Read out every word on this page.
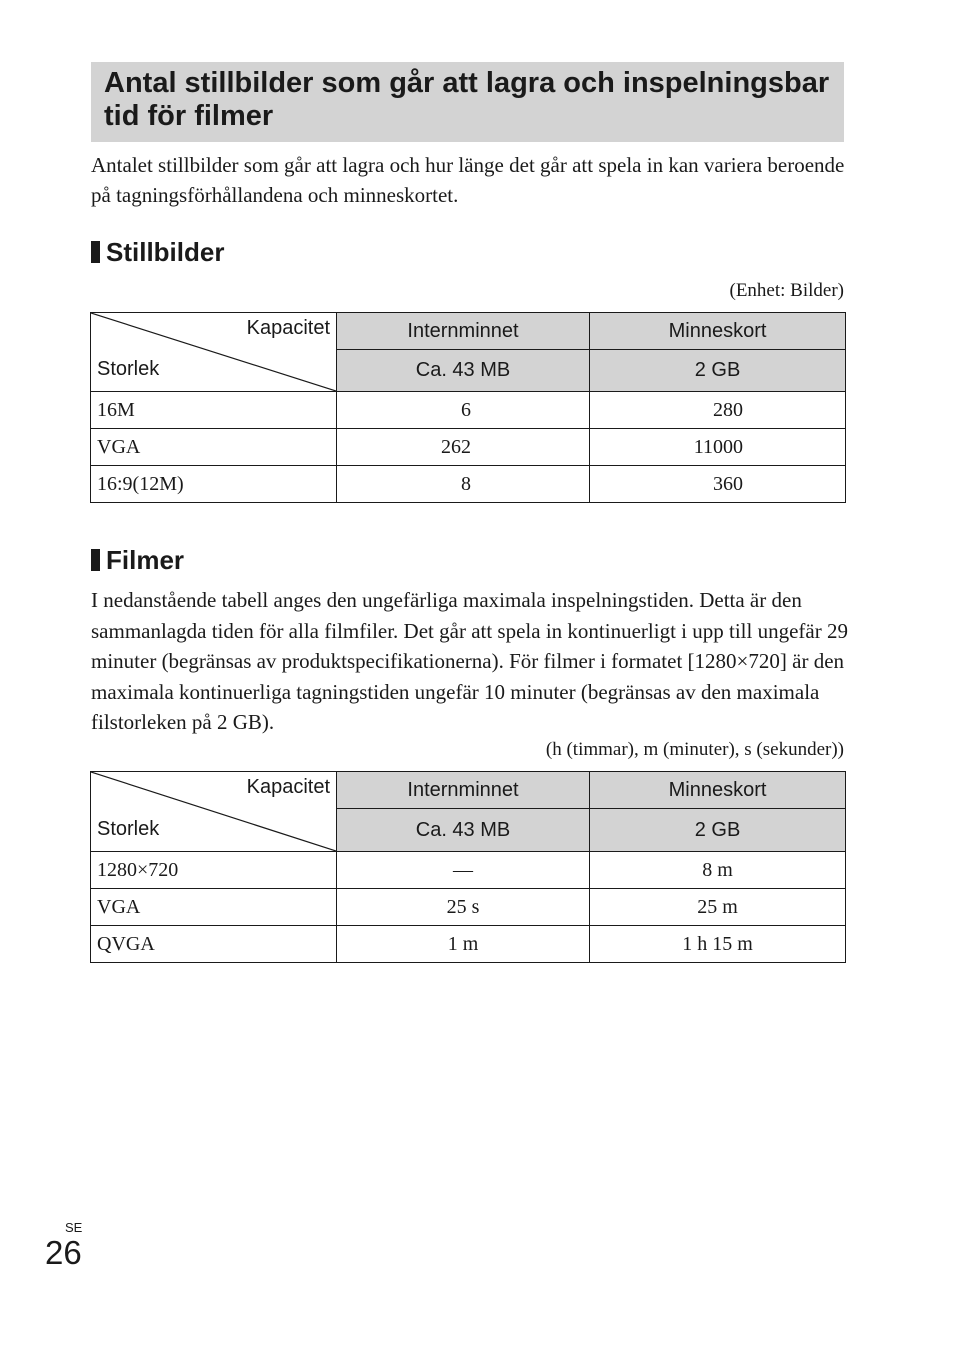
Antal stillbilder som går att lagra och inspelningsbar tid för filmer

Antalet stillbilder som går att lagra och hur länge det går att spela in kan variera beroende på tagningsförhållandena och minneskortet.

Stillbilder
(Enhet: Bilder)
Kapacitet
Storlek	Internminnet	Minneskort
	Ca. 43 MB	2 GB
16M	6	280
VGA	262	11000
16:9(12M)	8	360
Filmer

I nedanstående tabell anges den ungefärliga maximala inspelningstiden. Detta är den sammanlagda tiden för alla filmfiler. Det går att spela in kontinuerligt i upp till ungefär 29 minuter (begränsas av produktspecifikationerna). För filmer i formatet [1280×720] är den maximala kontinuerliga tagningstiden ungefär 10 minuter (begränsas av den maximala filstorleken på 2 GB).

(h (timmar), m (minuter), s (sekunder))
Kapacitet
Storlek	Internminnet	Minneskort
	Ca. 43 MB	2 GB
1280×720	—	8 m
VGA	25 s	25 m
QVGA	1 m	1 h 15 m
SE
26
